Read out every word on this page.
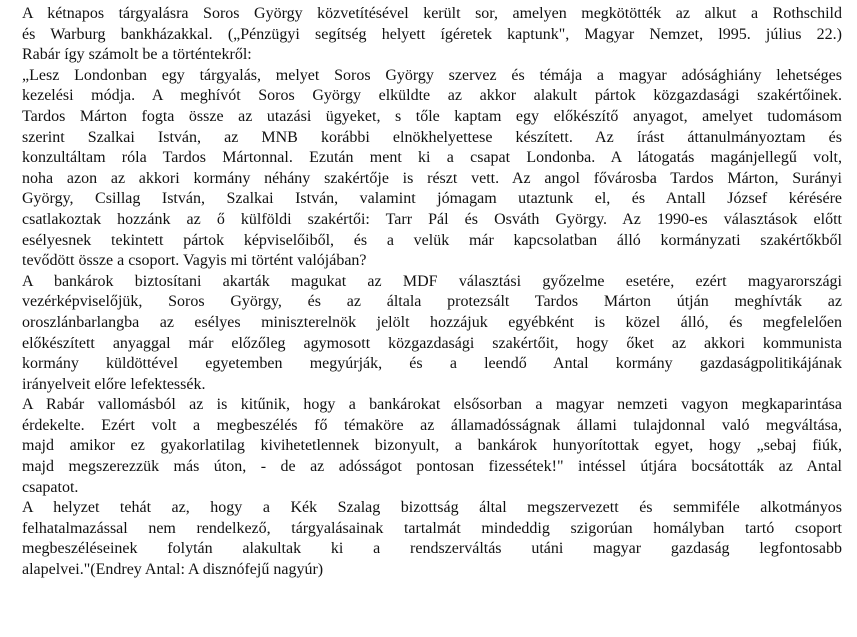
A kétnapos tárgyalásra Soros György közvetítésével került sor, amelyen megkötötték az alkut a Rothschild
és Warburg bankházakkal. („Pénzügyi segítség helyett ígéretek kaptunk", Magyar Nemzet, l995. július 22.)
Rabár így számolt be a történtekről:
„Lesz Londonban egy tárgyalás, melyet Soros György szervez és témája a magyar adósághiány lehetséges
kezelési módja. A meghívót Soros György elküldte az akkor alakult pártok közgazdasági szakértőinek.
Tardos Márton fogta össze az utazási ügyeket, s tőle kaptam egy előkészítő anyagot, amelyet tudomásom
szerint Szalkai István, az MNB korábbi elnökhelyettese készített. Az írást áttanulmányoztam és
konzultáltam róla Tardos Mártonnal. Ezután ment ki a csapat Londonba. A látogatás magánjellegű volt,
noha azon az akkori kormány néhány szakértője is részt vett. Az angol fővárosba Tardos Márton, Surányi
György, Csillag István, Szalkai István, valamint jómagam utaztunk el, és Antall József kérésére
csatlakoztak hozzánk az ő külföldi szakértői: Tarr Pál és Osváth György. Az 1990-es választások előtt
esélyesnek tekintett pártok képviselőiből, és a velük már kapcsolatban álló kormányzati szakértőkből
tevődött össze a csoport. Vagyis mi történt valójában?
A bankárok biztosítani akarták magukat az MDF választási győzelme esetére, ezért magyarországi
vezérképviselőjük, Soros György, és az általa protezsált Tardos Márton útján meghívták az
oroszlánbarlangba az esélyes miniszterelnök jelölt hozzájuk egyébként is közel álló, és megfelelően
előkészített anyaggal már előzőleg agymosott közgazdasági szakértőit, hogy őket az akkori kommunista
kormány küldöttével egyetemben megyúrják, és a leendő Antal kormány gazdaságpolitikájának
irányelveit előre lefektessék.
A Rabár vallomásból az is kitűnik, hogy a bankárokat elsősorban a magyar nemzeti vagyon megkaparintása
érdekelte. Ezért volt a megbeszélés fő témaköre az államadósságnak állami tulajdonnal való megváltása,
majd amikor ez gyakorlatilag kivihetetlennek bizonyult, a bankárok hunyorítottak egyet, hogy „sebaj fiúk,
majd megszerezzük más úton, - de az adósságot pontosan fizessétek!" intéssel útjára bocsátották az Antal
csapatot.
A helyzet tehát az, hogy a Kék Szalag bizottság által megszervezett és semmiféle alkotmányos
felhatalmazással nem rendelkező, tárgyalásainak tartalmát mindeddig szigorúan homályban tartó csoport
megbeszéléseinek folytán alakultak ki a rendszerváltás utáni magyar gazdaság legfontosabb
alapelvei."(Endrey Antal: A disznófejű nagyúr)
